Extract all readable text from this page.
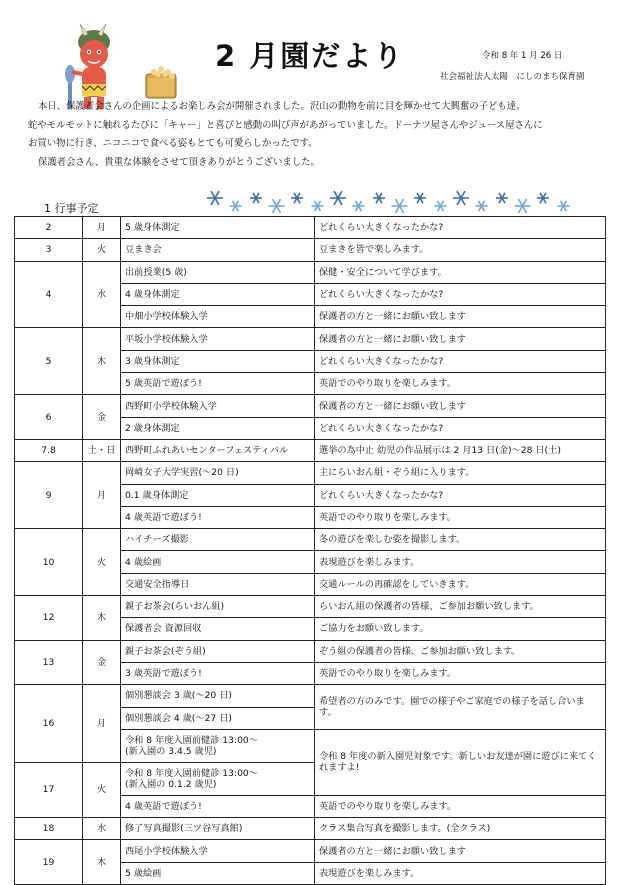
2 月園だより	令和 8 年 1 月 26 日
社会福祉法人太陽　にしのまち保育園

本日、保護者会さんの企画によるお楽しみ会が開催されました。沢山の動物を前に目を輝かせて大興奮の子ども達。

蛇やモルモットに触れるたびに「キャー」と喜びと感動の叫び声があがっていました。ドーナツ屋さんやジュース屋さんに

お買い物に行き、ニコニコで食べる姿もとても可愛らしかったです。

保護者会さん、貴重な体験をさせて頂きありがとうございました。

1 行事予定
2	月	5 歳身体測定	どれくらい大きくなったかな?
3	火	豆まき会	豆まきを皆で楽しみます。
4	水	出前授業(5 歳)	保健・安全について学びます。
		4 歳身体測定	どれくらい大きくなったかな?
		中畑小学校体験入学	保護者の方と一緒にお願い致します
5	木	平坂小学校体験入学	保護者の方と一緒にお願い致します
		3 歳身体測定	どれくらい大きくなったかな?
		5 歳英語で遊ぼう!	英語でのやり取りを楽しみます。
6	金	西野町小学校体験入学	保護者の方と一緒にお願い致します
		2 歳身体測定	どれくらい大きくなったかな?
7.8	土・日	西野町ふれあいセンターフェスティバル	選挙の為中止 幼児の作品展示は 2 月13 日(金)～28 日(土)
9	月	岡崎女子大学実習(～20 日)	主にらいおん組・ぞう組に入ります。
		0.1 歳身体測定	どれくらい大きくなったかな?
		4 歳英語で遊ぼう!	英語でのやり取りを楽しみます。
10	火	ハイチーズ撮影	冬の遊びを楽しむ姿を撮影します。
		4 歳絵画	表現遊びを楽しみます。
		交通安全指導日	交通ルールの再確認をしていきます。
12	木	親子お茶会(らいおん組)	らいおん組の保護者の皆様、ご参加お願い致します。
		保護者会 資源回収	ご協力をお願い致します。
13	金	親子お茶会(ぞう組)	ぞう組の保護者の皆様、ご参加お願い致します。
		3 歳英語で遊ぼう!	英語でのやり取りを楽しみます。
16	月	個別懇談会 3 歳(～20 日)	希望者の方のみです。園での様子やご家庭での様子を話し合います。
		個別懇談会 4 歳(～27 日)	
		令和 8 年度入園前健診 13:00～
(新入園の 3.4.5 歳児)	令和 8 年度の新入園児対象です。新しいお友達が園に遊びに来てくれますよ!
17	火	令和 8 年度入園前健診 13:00～
(新入園の 0.1.2 歳児)	
		4 歳英語で遊ぼう!	英語でのやり取りを楽しみます。
18	水	修了写真撮影(三ツ谷写真館)	クラス集合写真を撮影します。(全クラス)
19	木	西尾小学校体験入学	保護者の方と一緒にお願い致します
		5 歳絵画	表現遊びを楽しみます。
